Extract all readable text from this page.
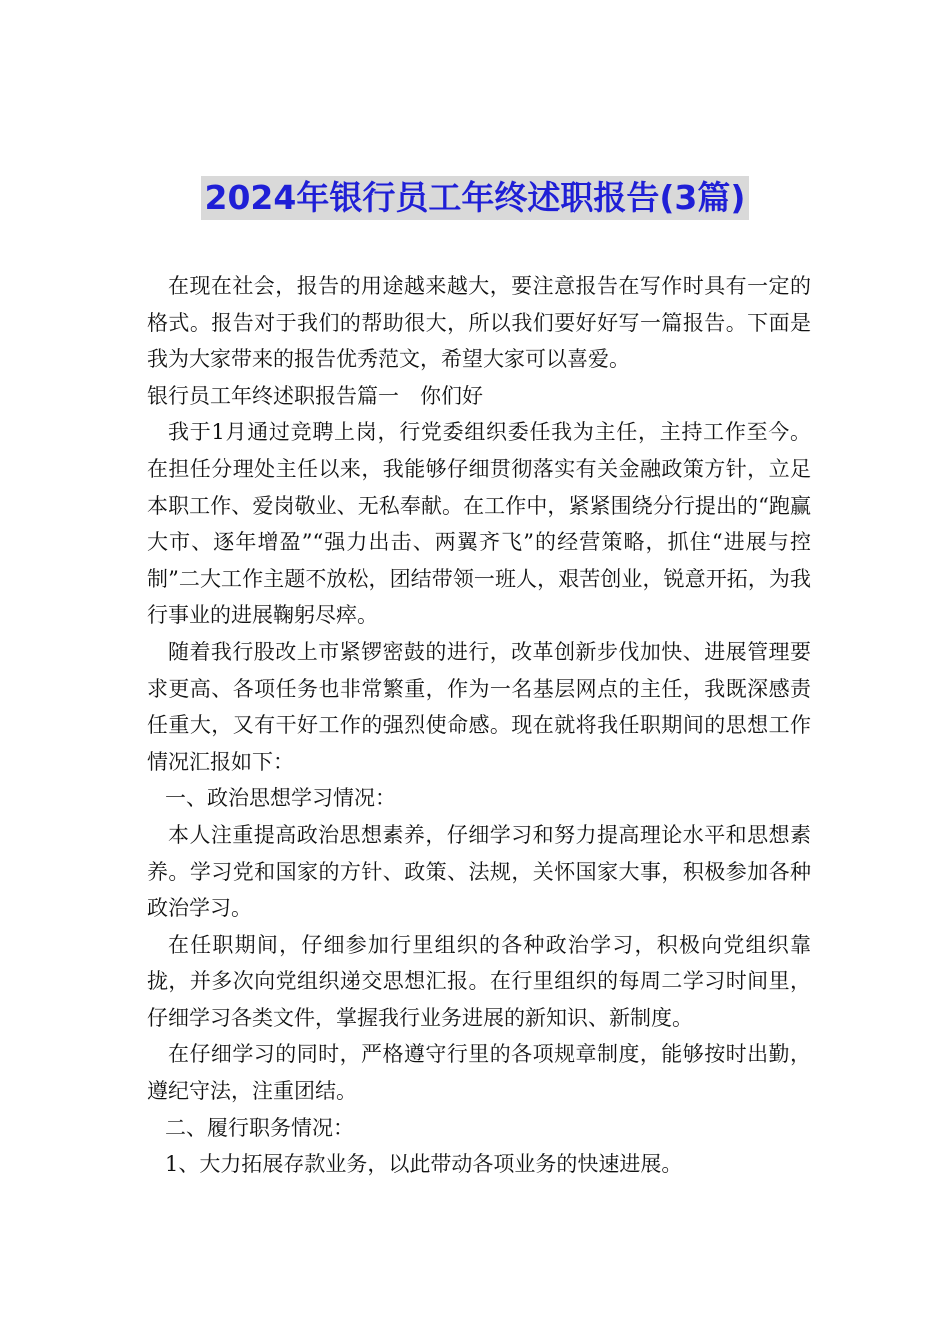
2024年银行员工年终述职报告(3篇)

在现在社会，报告的用途越来越大，要注意报告在写作时具有一定的格式。报告对于我们的帮助很大，所以我们要好好写一篇报告。下面是我为大家带来的报告优秀范文，希望大家可以喜爱。

银行员工年终述职报告篇一　你们好

我于1月通过竞聘上岗，行党委组织委任我为主任，主持工作至今。在担任分理处主任以来，我能够仔细贯彻落实有关金融政策方针，立足本职工作、爱岗敬业、无私奉献。在工作中，紧紧围绕分行提出的“跑赢大市、逐年增盈”“强力出击、两翼齐飞”的经营策略，抓住“进展与控制”二大工作主题不放松，团结带领一班人，艰苦创业，锐意开拓，为我行事业的进展鞠躬尽瘁。

随着我行股改上市紧锣密鼓的进行，改革创新步伐加快、进展管理要求更高、各项任务也非常繁重，作为一名基层网点的主任，我既深感责任重大，又有干好工作的强烈使命感。现在就将我任职期间的思想工作情况汇报如下：

一、政治思想学习情况：

本人注重提高政治思想素养，仔细学习和努力提高理论水平和思想素养。学习党和国家的方针、政策、法规，关怀国家大事，积极参加各种政治学习。

在任职期间，仔细参加行里组织的各种政治学习，积极向党组织靠拢，并多次向党组织递交思想汇报。在行里组织的每周二学习时间里，仔细学习各类文件，掌握我行业务进展的新知识、新制度。

在仔细学习的同时，严格遵守行里的各项规章制度，能够按时出勤，遵纪守法，注重团结。

二、履行职务情况：

1、大力拓展存款业务，以此带动各项业务的快速进展。
